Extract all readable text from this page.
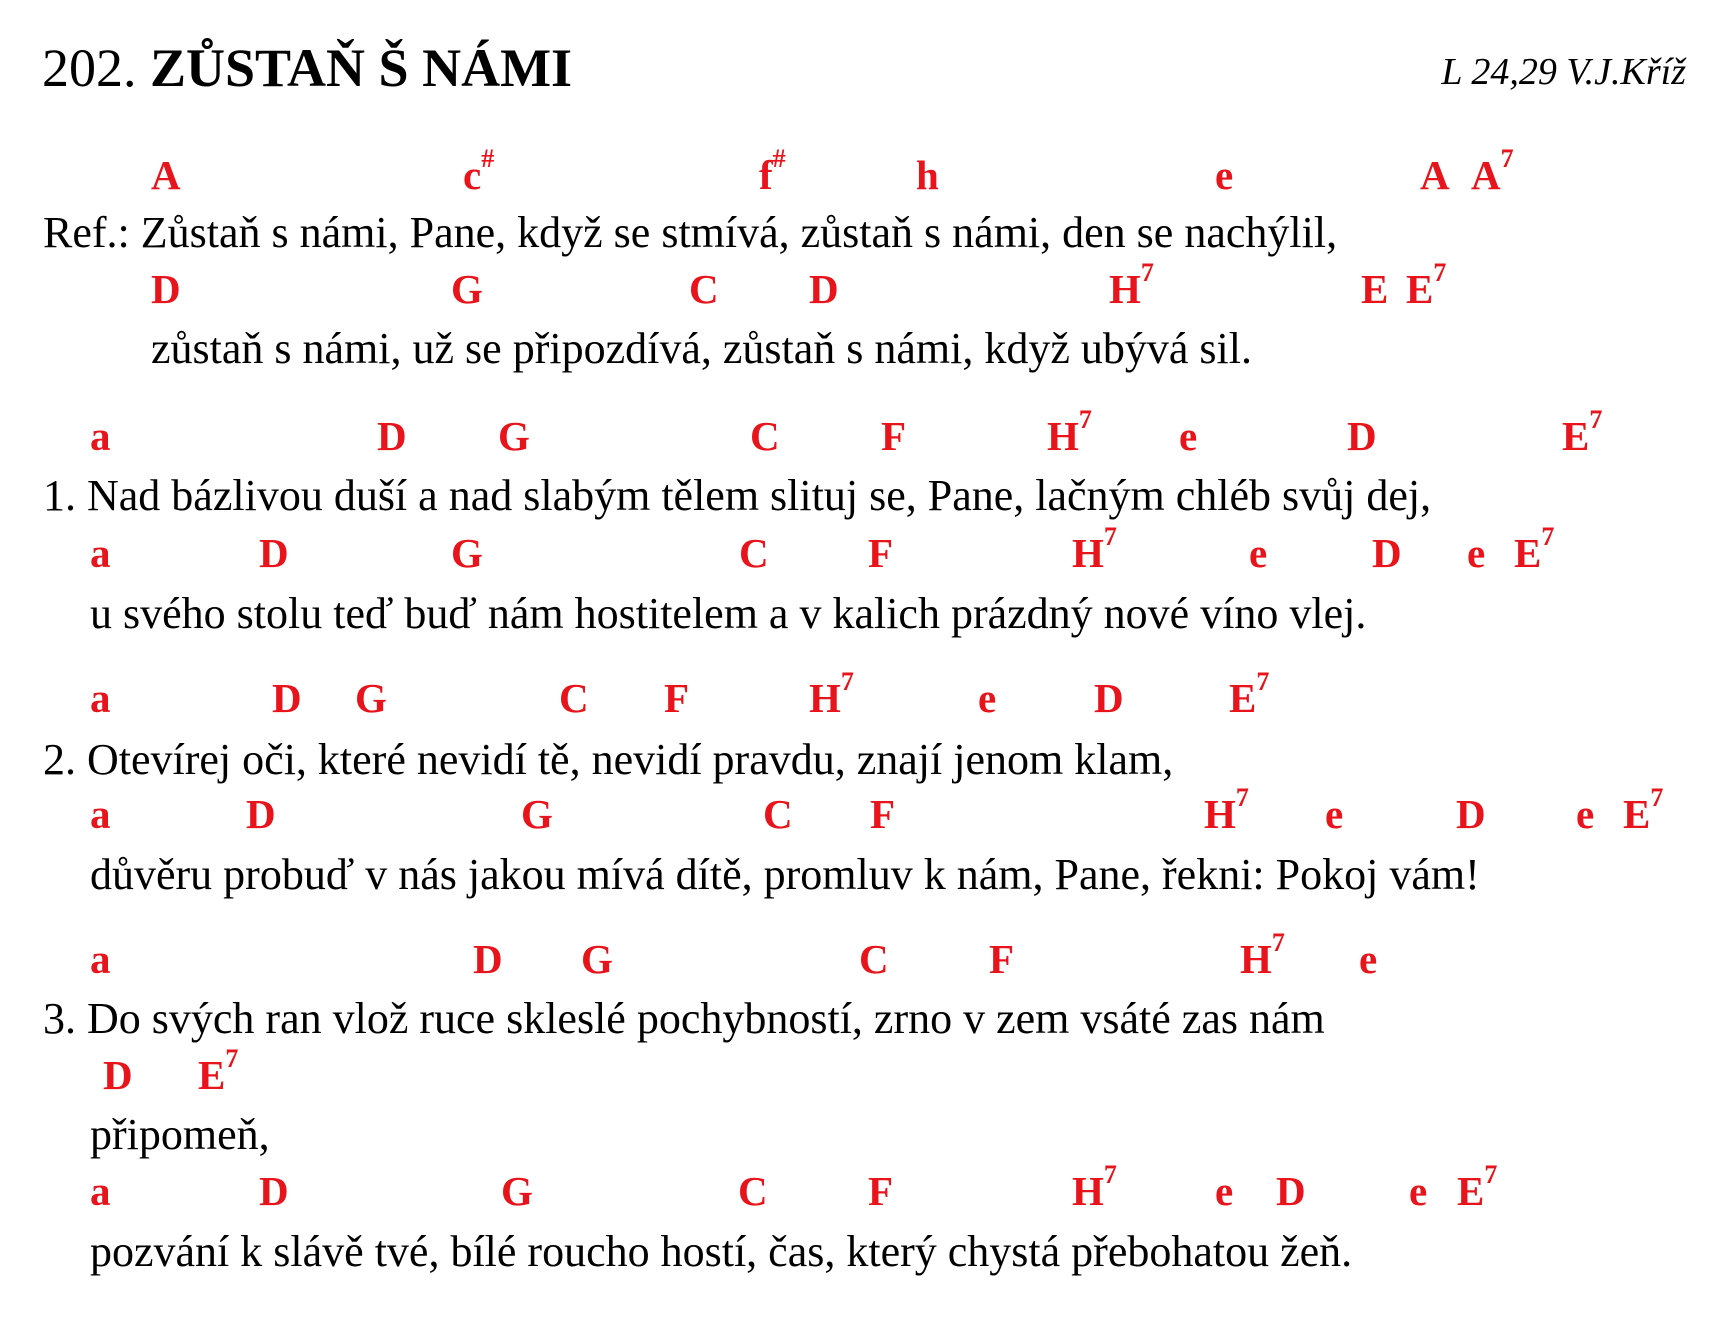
202. ZŮSTAŇ Š NÁMI	L 24,29 V.J.Kříž
A	c#	f#	h	e	A $A^7$
Ref.: Zůstaň s námi, Pane, když se stmívá, zůstaň s námi, den se nachýlil,
D	G	C D	$H^7$	E $E^7$
zůstaň s námi, už se připozdívá, zůstaň s námi, když ubývá sil.
a	D G	C F	$H^7$ e	D	$E^7$
1. Nad bázlivou duší a nad slabým tělem slituj se, Pane, lačným chléb svůj dej,
a	D	G	C F	$H^7$	e	D e $E^7$
u svého stolu teď buď nám hostitelem a v kalich prázdný nové víno vlej.
a	D G	C F	$H^7$	e D	$E^7$
2. Otevírej oči, které nevidí tě, nevidí pravdu, znají jenom klam,
a	D	G	C F	$H^7$ e	D e $E^7$
důvěru probuď v nás jakou mívá dítě, promluv k nám, Pane, řekni: Pokoj vám!
a	D G	C F	$H^7$ e
3. Do svých ran vlož ruce skleslé pochybností, zrno v zem vsáté zas nám
D $E^7$
připomeň,
a	D	G	C F	$H^7$ e D	e $E^7$
pozvání k slávě tvé, bílé roucho hostí, čas, který chystá přebohatou žeň.
